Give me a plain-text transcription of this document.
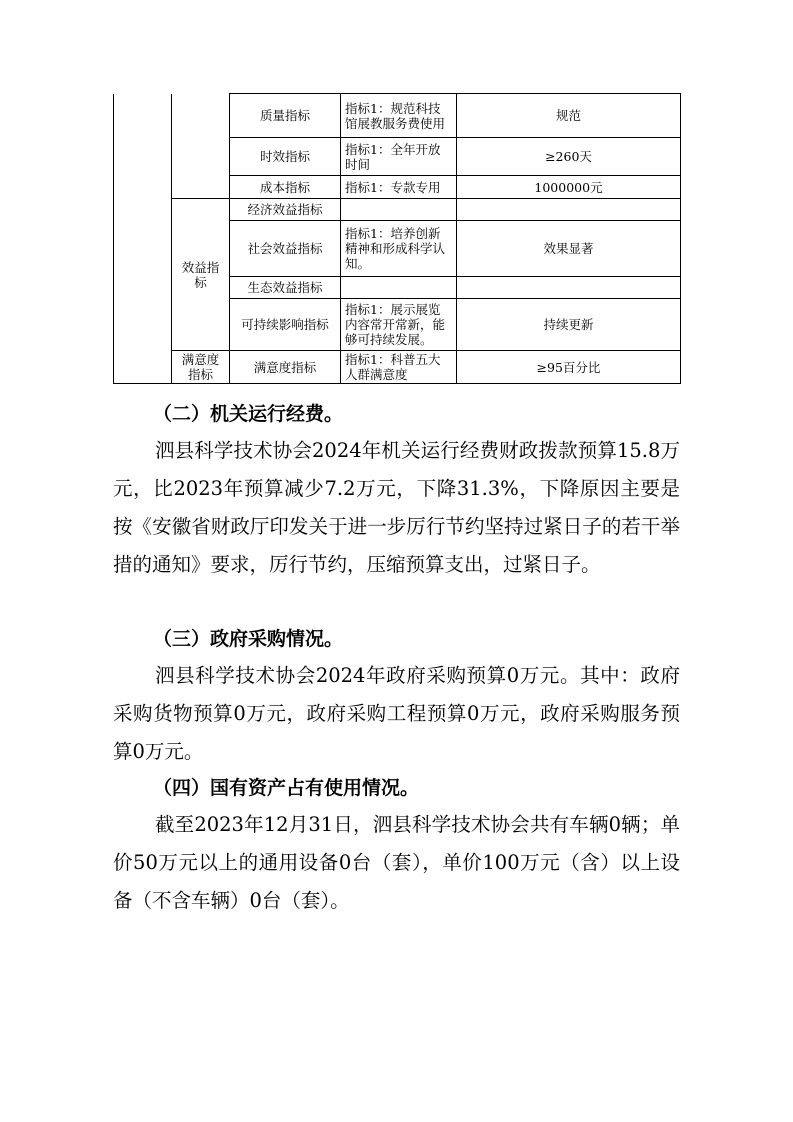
		质量指标	指标1：规范科技馆展教服务费使用	规范
		时效指标	指标1：全年开放时间	≥260天
		成本指标	指标1：专款专用	1000000元
	效益指标	经济效益指标		
		社会效益指标	指标1：培养创新精神和形成科学认知。	效果显著
		生态效益指标		
		可持续影响指标	指标1：展示展览内容常开常新，能够可持续发展。	持续更新
	满意度指标	满意度指标	指标1：科普五大人群满意度	≥95百分比

（二）机关运行经费。

泗县科学技术协会2024年机关运行经费财政拨款预算15.8万元，比2023年预算减少7.2万元，下降31.3%，下降原因主要是按《安徽省财政厅印发关于进一步厉行节约坚持过紧日子的若干举措的通知》要求，厉行节约，压缩预算支出，过紧日子。

（三）政府采购情况。

泗县科学技术协会2024年政府采购预算0万元。其中：政府采购货物预算0万元，政府采购工程预算0万元，政府采购服务预算0万元。

（四）国有资产占有使用情况。

截至2023年12月31日，泗县科学技术协会共有车辆0辆；单价50万元以上的通用设备0台（套），单价100万元（含）以上设备（不含车辆）0台（套）。
